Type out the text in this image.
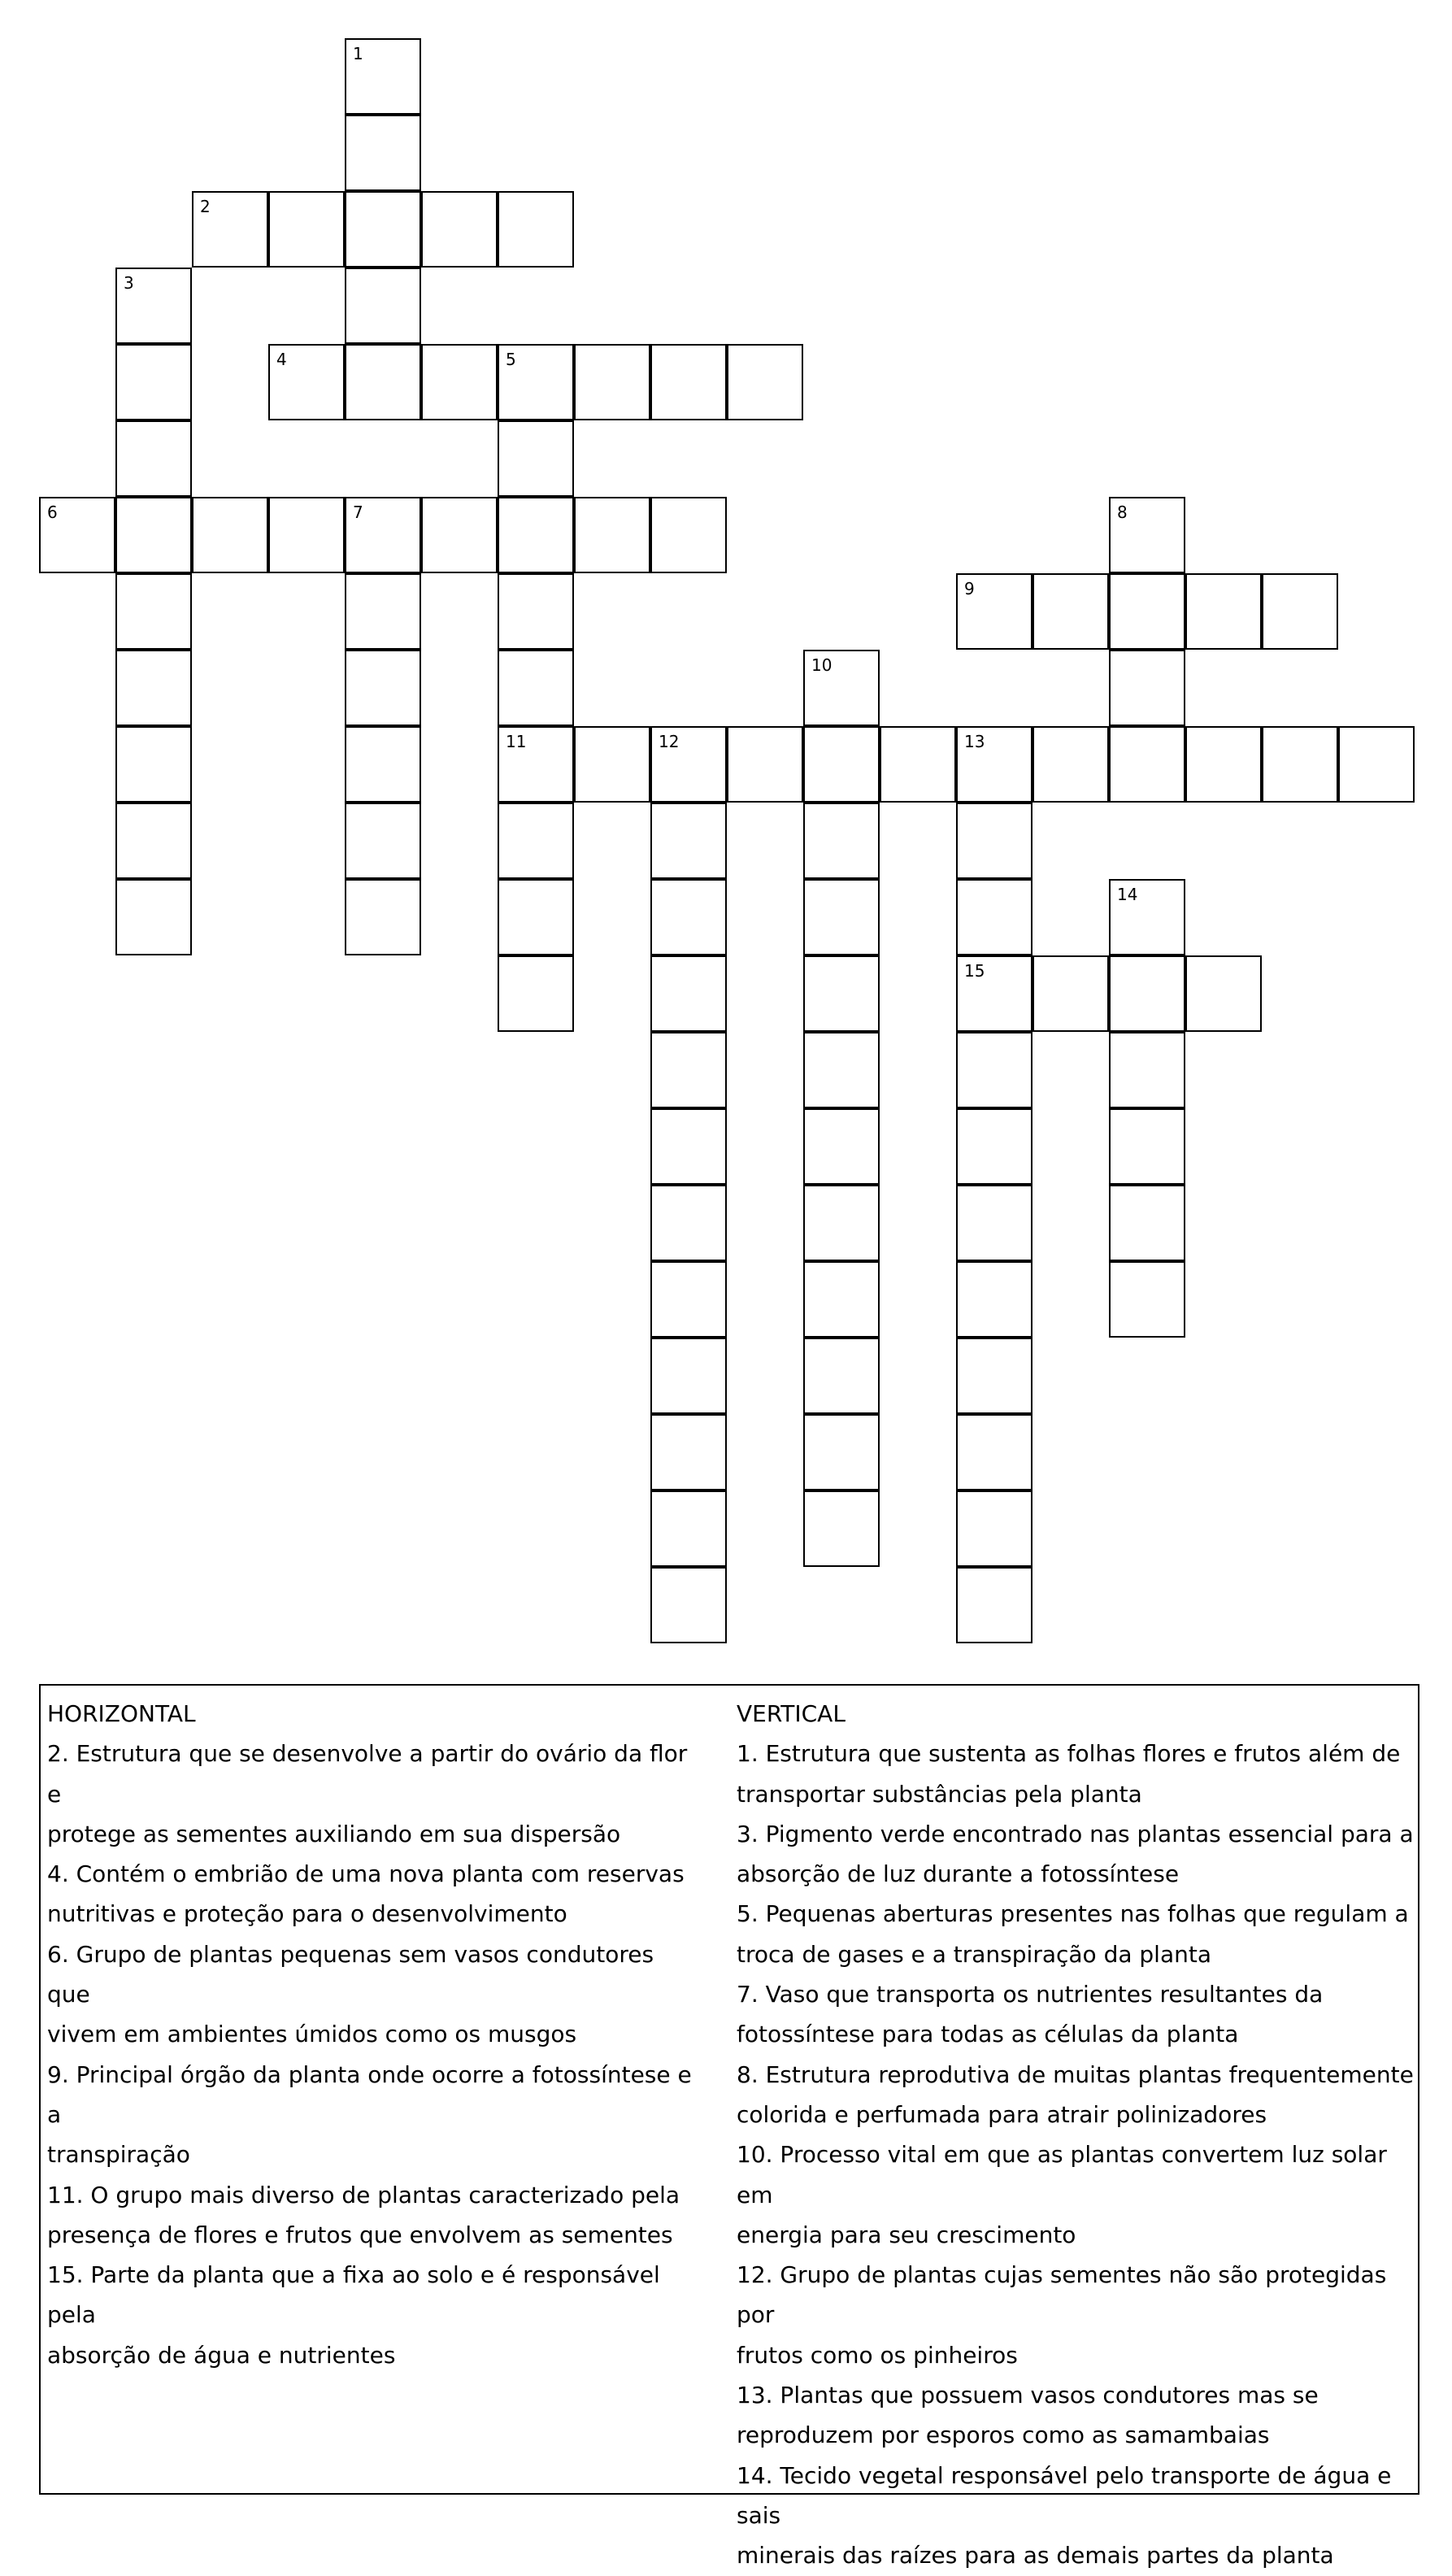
1
2
3
4	5
6	7	8
9
10
11	12	13
14
15
HORIZONTAL
2. Estrutura que se desenvolve a partir do ovário da flor e
protege as sementes auxiliando em sua dispersão
4. Contém o embrião de uma nova planta com reservas
nutritivas e proteção para o desenvolvimento
6. Grupo de plantas pequenas sem vasos condutores que
vivem em ambientes úmidos como os musgos
9. Principal órgão da planta onde ocorre a fotossíntese e a
transpiração
11. O grupo mais diverso de plantas caracterizado pela
presença de flores e frutos que envolvem as sementes
15. Parte da planta que a fixa ao solo e é responsável pela
absorção de água e nutrientes
VERTICAL
1. Estrutura que sustenta as folhas flores e frutos além de
transportar substâncias pela planta
3. Pigmento verde encontrado nas plantas essencial para a
absorção de luz durante a fotossíntese
5. Pequenas aberturas presentes nas folhas que regulam a
troca de gases e a transpiração da planta
7. Vaso que transporta os nutrientes resultantes da
fotossíntese para todas as células da planta
8. Estrutura reprodutiva de muitas plantas frequentemente
colorida e perfumada para atrair polinizadores
10. Processo vital em que as plantas convertem luz solar em
energia para seu crescimento
12. Grupo de plantas cujas sementes não são protegidas por
frutos como os pinheiros
13. Plantas que possuem vasos condutores mas se
reproduzem por esporos como as samambaias
14. Tecido vegetal responsável pelo transporte de água e sais
minerais das raízes para as demais partes da planta
